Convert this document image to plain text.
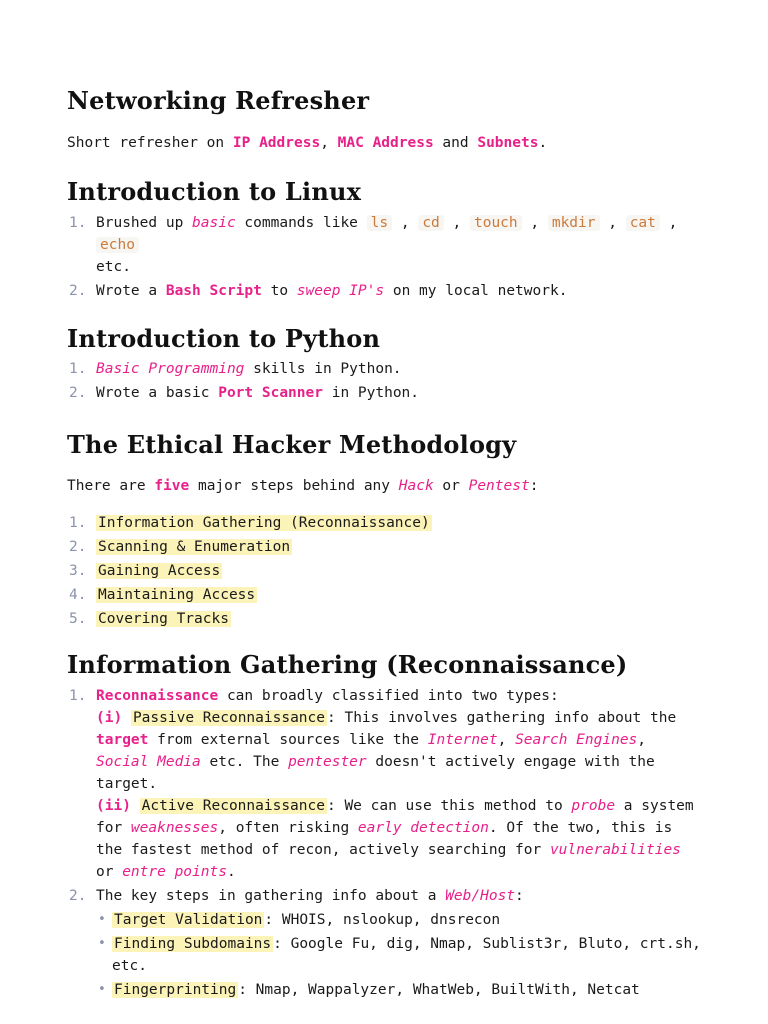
Networking Refresher

Short refresher on IP Address, MAC Address and Subnets.

Introduction to Linux
1. Brushed up basic commands like ls , cd , touch , mkdir , cat , echo
etc.
2. Wrote a Bash Script to sweep IP's on my local network.
Introduction to Python
1. Basic Programming skills in Python.
2. Wrote a basic Port Scanner in Python.
The Ethical Hacker Methodology

There are five major steps behind any Hack or Pentest:

1. Information Gathering (Reconnaissance)
2. Scanning & Enumeration
3. Gaining Access
4. Maintaining Access
5. Covering Tracks
Information Gathering (Reconnaissance)
1. Reconnaissance can broadly classified into two types:
(i) Passive Reconnaissance : This involves gathering info about the target from external sources like the Internet, Search Engines, Social Media etc. The pentester doesn't actively engage with the target.
(ii) Active Reconnaissance : We can use this method to probe a system for weaknesses, often risking early detection. Of the two, this is the fastest method of recon, actively searching for vulnerabilities or entre points.
2. The key steps in gathering info about a Web/Host:
• Target Validation : WHOIS, nslookup, dnsrecon
• Finding Subdomains : Google Fu, dig, Nmap, Sublist3r, Bluto, crt.sh, etc.
• Fingerprinting : Nmap, Wappalyzer, WhatWeb, BuiltWith, Netcat
